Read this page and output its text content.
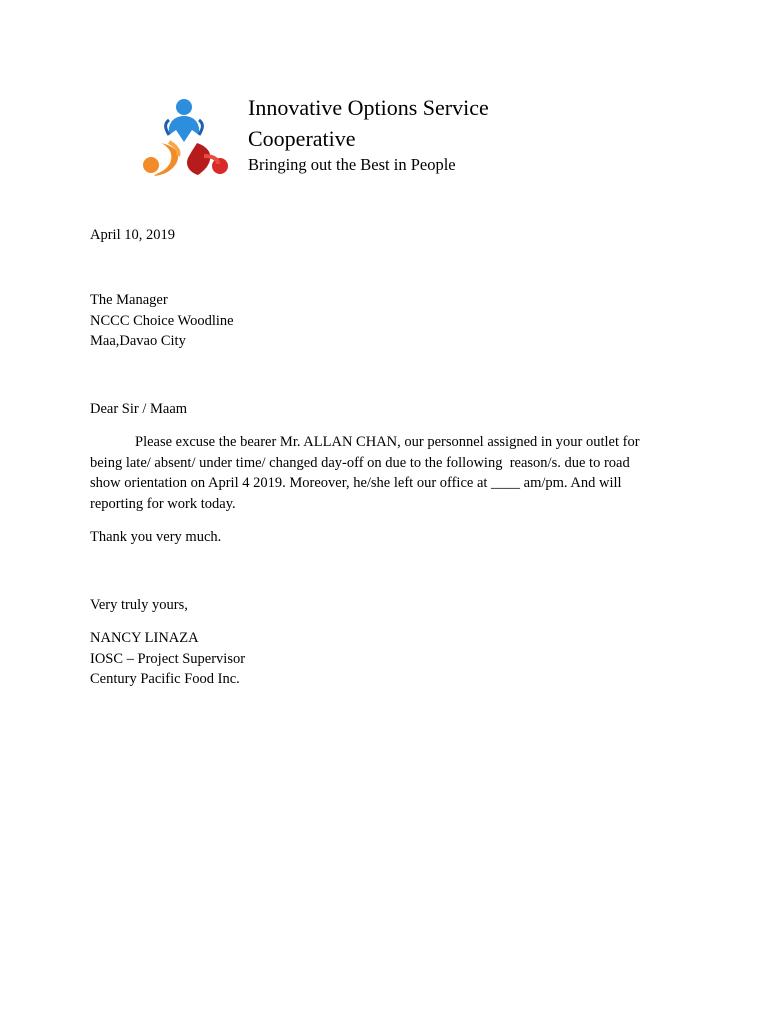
Innovative Options Service
Cooperative
Bringing out the Best in People
April 10, 2019
The Manager
NCCC Choice Woodline
Maa,Davao City
Dear Sir / Maam
Please excuse the bearer Mr. ALLAN CHAN, our personnel assigned in your outlet for
being late/ absent/ under time/ changed day-off on due to the following  reason/s. due to road
show orientation on April 4 2019. Moreover, he/she left our office at ____ am/pm. And will
reporting for work today.
Thank you very much.
Very truly yours,
NANCY LINAZA
IOSC – Project Supervisor
Century Pacific Food Inc.
